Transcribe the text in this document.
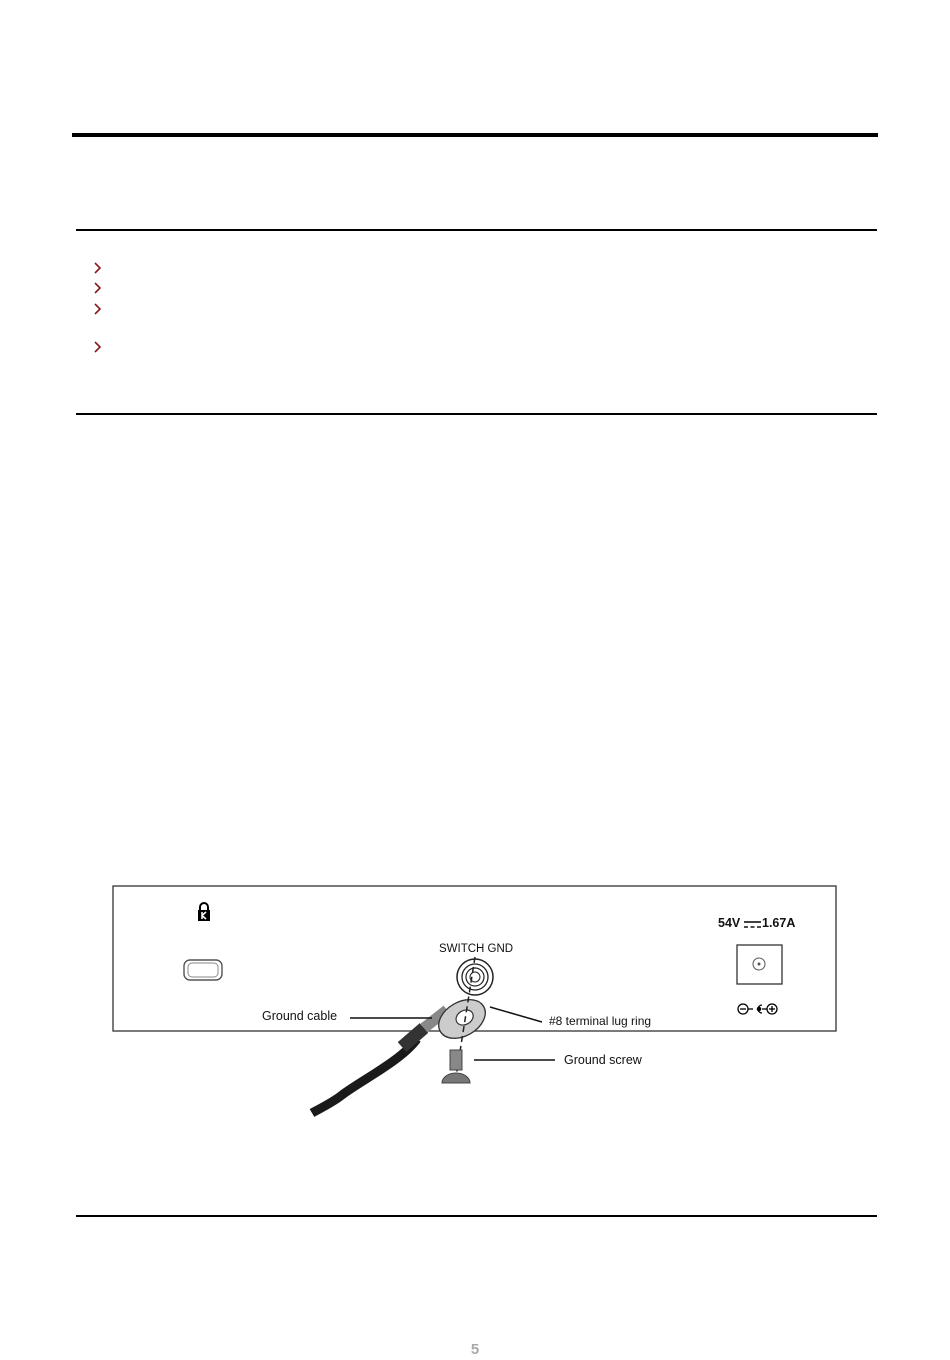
SWITCH GND
54V 1.67A
Ground cable	#8 terminal lug ring
Ground screw
5
